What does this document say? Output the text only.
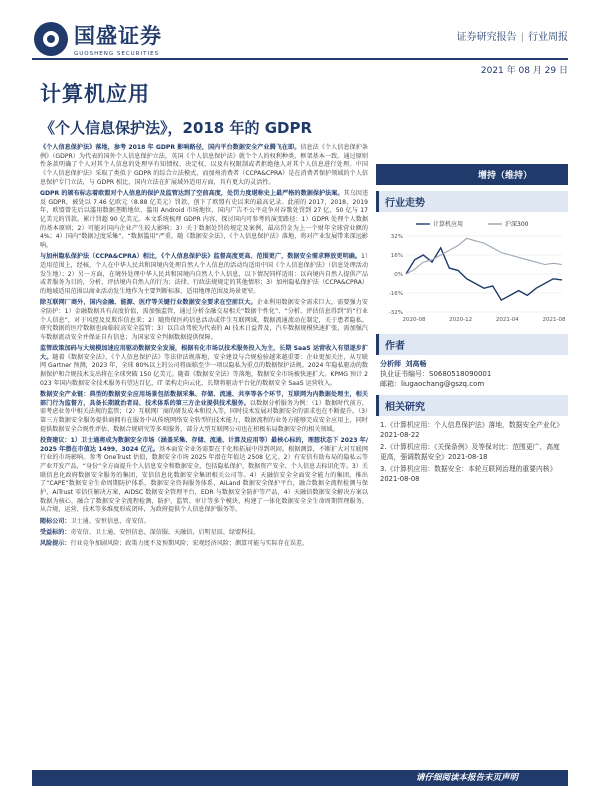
国盛证券
GUOSHENG SECURITIES
证券研究报告 | 行业周报
2021 年 08 月 29 日
计算机应用
《个人信息保护法》，2018 年的 GDPR

《个人信息保护法》落地，参考 2018 年 GDPR 影响路径，国内平台数据安全产业腾飞在即。信息法《个人信息保护条例》（GDPR）为代表的国外个人信息保护立法，英国《个人信息保护法》就个个人的权利种类、框架基本一致。通过原则性条款明确了个人对其个人信息的处理享有知情权、决定权，以及有权限制或者拒绝他人对其个人信息进行处理。中国《个人信息保护法》采取了类似于 GDPR 的综合立法模式，而加州消费者（CCPA&CPRA）是在消费者保护领域的个人信息保护专门立法，与 GDPR 相比，国内立法在扩展域外适用方面，具有更大的灵活性。

GDPR 的颁布标志着欧盟对个人信息的保护及监管达到了空前高度，处罚力度堪称史上最严格的数据保护法案。其乌因违反 GDPR，被处以 7.46 亿欧元（8.88 亿美元）罚款，创下了欧盟有史以来的最高记录。此前的 2017、2018、2019 年，欧盟曾先后以滥用数据垄断地位、滥用 Android 市场地位、国内广告不公平竞争对谷歌处罚到 27 亿、50 亿与 17 亿美元的罚款。累计罚超 90 亿美元。本文系统梳理 GDPR 内容，探讨国内可参考的演变路径：1）GDPR 处理个人数据的基本原则；2）可能对国内企业产生较大影响；3）关于数据处罚的规定及案例，最高罚金为上一个财年全球营业额的 4%；4）国内“数据过度采集”、“数据滥用”严重，随《数据安全法》、《个人信息保护法》落地，将对产业发展带来深远影响。

与加州隐私保护法（CCPA&CPRA）相比，《个人信息保护法》监督高度更高、范围更广，数据安全需求释放更明确。1）适用范围上，经核，个人在中华人民共和国境内处理自然人个人信息的活动均适用中国《个人信息保护法》（信息处理活动发生地）；2）另一方面，在境外处理中华人民共和国境内自然人个人信息，以下情况同样适用：以向境内自然人提供产品或者服务为目的，分析、评估境内自然人的行为；法律、行政法规规定的其他情形；3）加州隐私保护法（CCPA&CPRA）的地域适用范围以商业活动发生地作为主要判断标准，适用地理范围及场景更窄。

除互联网厂商外，国内金融、能源、医疗等关键行业数据安全要求在空前巨大。企业利用数据安全需求巨大，需要强力安全防护：1）金融数据具有高度价值，需加强监管，通过分析金融交易相关“数据个性化”、“分析、评估信息得到”的“行业个人信息”，对于风控及反欺诈信息来；2）随资保医药信息活动或伴生互联网域、数据流通流动在制定，关于患者隐私、研究数据的医疗数据也面临较高安全监管；3）以自动驾驶为代表的 AI 技术日益普及，汽车数据规模快速扩张，需加强汽车数据流动安全并保证自有信息；为国家安全判据数据提供保障。

监管政策加码与大规模加速应用驱动数据安全发展，根据有化市场以技术服务投入为主，长期 SaaS 运营收入有望逐步扩大。随着《数据安全法》、《个人信息保护法》等法律法规落地，安全建设与合规检验越来越重要：企业更加关注，从互联网 Gartner 预测，2023 年，全球 80%以上的公司将面临至少一项以隐私为重点的数据保护法规。2024 年隐私驱动的数据保护和合规技术支出将在全球突破 150 亿美元。随着《数据安全法》等落地，数据安全市场被快速扩大。KPMG 预计 2023 年国内数据安全技术服务有望达百亿，IT 架构走向云化，长期将驱动平台化的数据安全 SaaS 运营收入。

数据安全产业链：典型的数据安全应用场景包括数据采集、存储、流通、共享等各个环节，互联网为内数据处理主，相关部门行为监督方，具备长期就治者局、技术体系的第三方企业提供技术服务。以数据分析服务为例：（1）数据时代前方，需考虑业务中相关法规的监管；（2）互联网厂商的研发成本和投入等，同时技术发展对数据安全的需求也在不断提升。（3）第三方数据安全服务提供商拥有在服务中从传统网络安全转型的技术能力，数据流程的业务方能够完成安全应用上，同时提供数据安全合规性评估、数据合规研究等多项服务，部分大型互联网公司也在积极布局数据安全的相关领域。

投资建议：1）卫士通将成为数据安全市场（涵盖采集、存储、流通、计算及应用等）最核心标的，理想状态下 2023 年/2025 年潜在市值达 1499、3024 亿元。基本面安全业务需要在干化和拓展中得到巩固。根据测算，不断扩大对互联网行业的市场影响。参考 OneTrust 估值，数据安全市场 2025 年潜在年值达 2508 亿元。2）有安信有助布局的隐私云等产业开发产品，“身份”全方面提升个人信息安全和数据安全，包括隐私保护、数据资产安全、个人信息去标识化等。3）关联信息化政府数据安全服务的集团，安信信息化数据安全集团相关公司等。4）天融信安全全面安全能力的集团，推出了“CAPE”数据安全生命周期防护体系，数据安全咨询服务体系，AiLand 数据安全保护平台，融合数据全流程检测与保护，AiTrust 零信任解决方案，AiDSC 数据安全管理平台，EDR 与数据安全防护等产品，4）天融信数据安全解决方案以数据为核心，融合了数据安全全流程检测、防护、监管、审计等多个模块，构建了一体化数据安全全生命周期管理服务，从合规、运营、技术等多维度形成闭环，为政府提供个人信息保护服务等。

随标公司：卫士通、安恒信息、奇安信。

受益标的：奇安信、卫士通、安恒信息、深信服、天融信、启明星辰、绿盟科技。

风险提示：行业竞争加剧风险；政策力度不及预期风险；宏观经济风险；测算可能与实际存在误差。

增持（维持）
行业走势
32%
16%
0%
-16%
-32%
2020-08	2020-12	2021-04	2021-08
计算机应用	沪深300
作者
分析师 刘高畅
执业证书编号：S0680518090001
邮箱：liugaochang@gszq.com
相关研究
1.《计算机应用：个人信息保护法》落地，数据安全产业化》2021-08-22
2.《计算机应用：《关保条例》及等保对比：范围更广、高度更高，强调数据安全》2021-08-18
3.《计算机应用：数据安全：本轮互联网治理的重要内核》2021-08-08
请仔细阅读本报告末页声明
